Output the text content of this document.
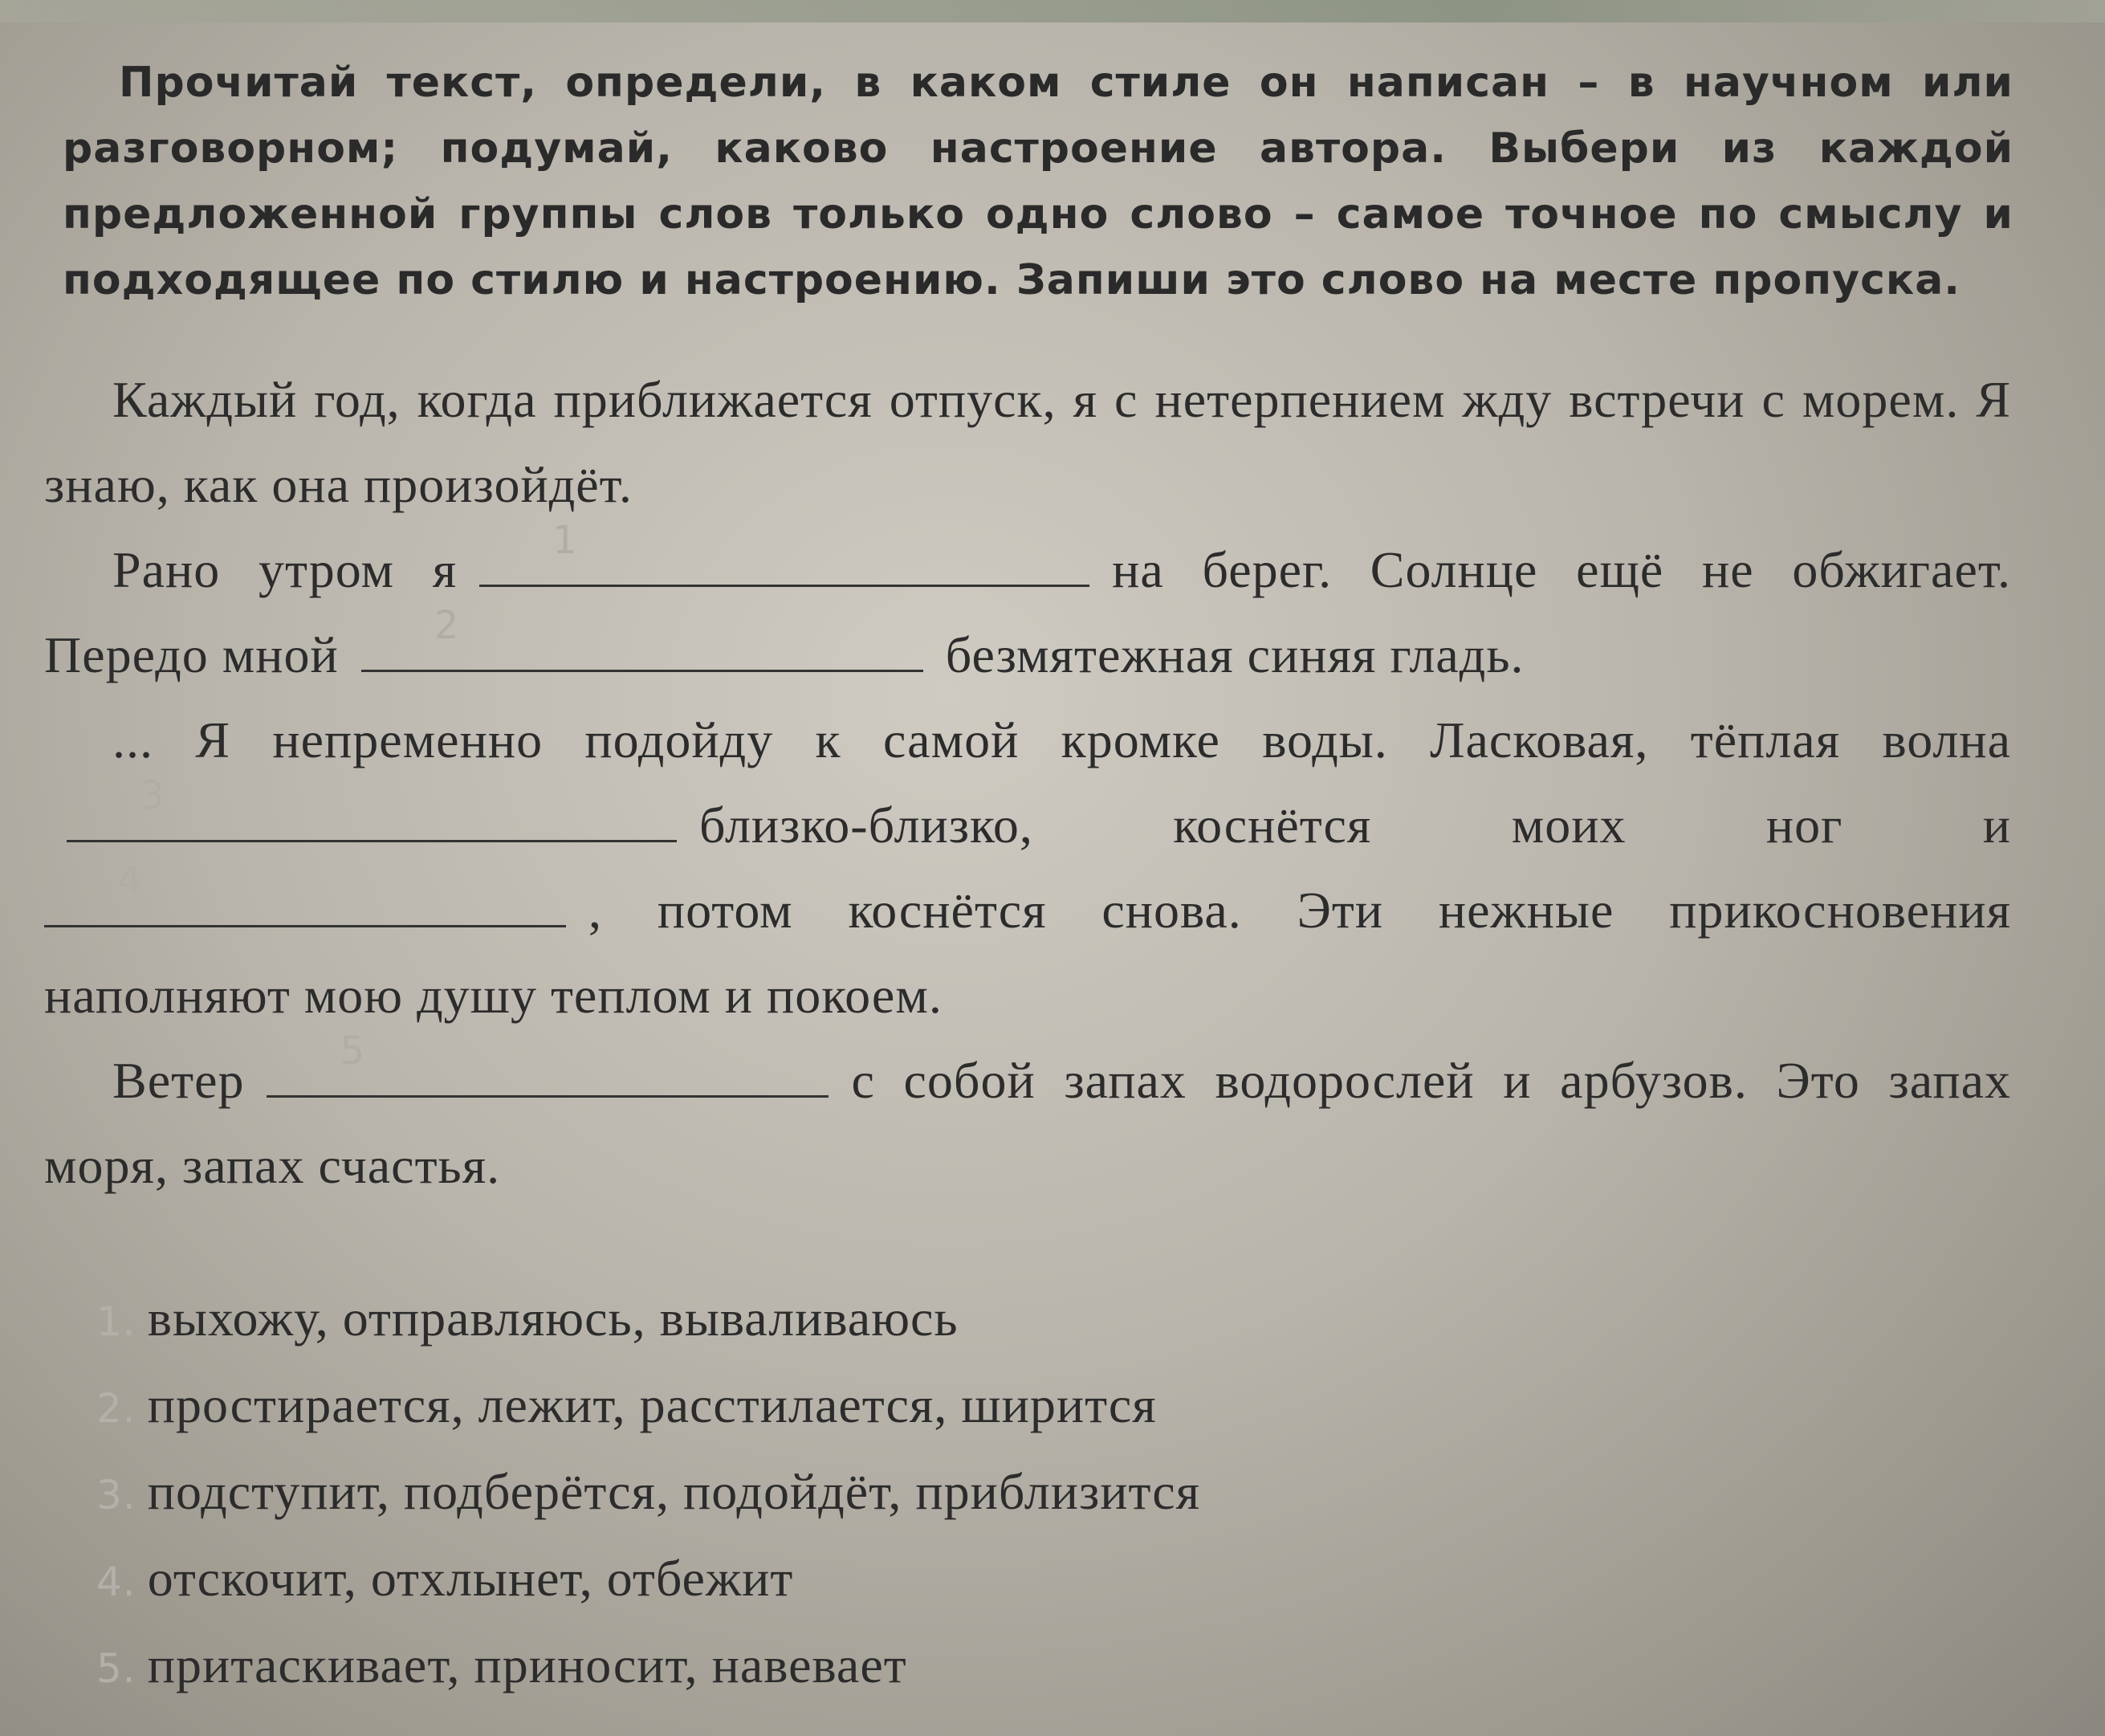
Прочитай текст, определи, в каком стиле он написан – в научном или разговорном; подумай, каково настроение автора. Выбери из каждой предложенной группы слов только одно слово – самое точное по смыслу и подходящее по стилю и настроению. Запиши это слово на месте пропуска.

Каждый год, когда приближается отпуск, я с нетерпением жду встречи с морем. Я знаю, как она произойдёт.

Рано утром я
1
на берег. Солнце ещё не обжигает. Передо мной
2
безмятежная синяя гладь.

... Я непременно подойду к самой кромке воды. Ласковая, тёплая волна
3
близко-близко, коснётся моих ног и
4
, потом коснётся снова. Эти нежные прикосновения наполняют мою душу теплом и покоем.

Ветер
5
с собой запах водорослей и арбузов. Это запах моря, запах счастья.

1. выхожу, отправляюсь, вываливаюсь
2. простирается, лежит, расстилается, ширится
3. подступит, подберётся, подойдёт, приблизится
4. отскочит, отхлынет, отбежит
5. притаскивает, приносит, навевает
